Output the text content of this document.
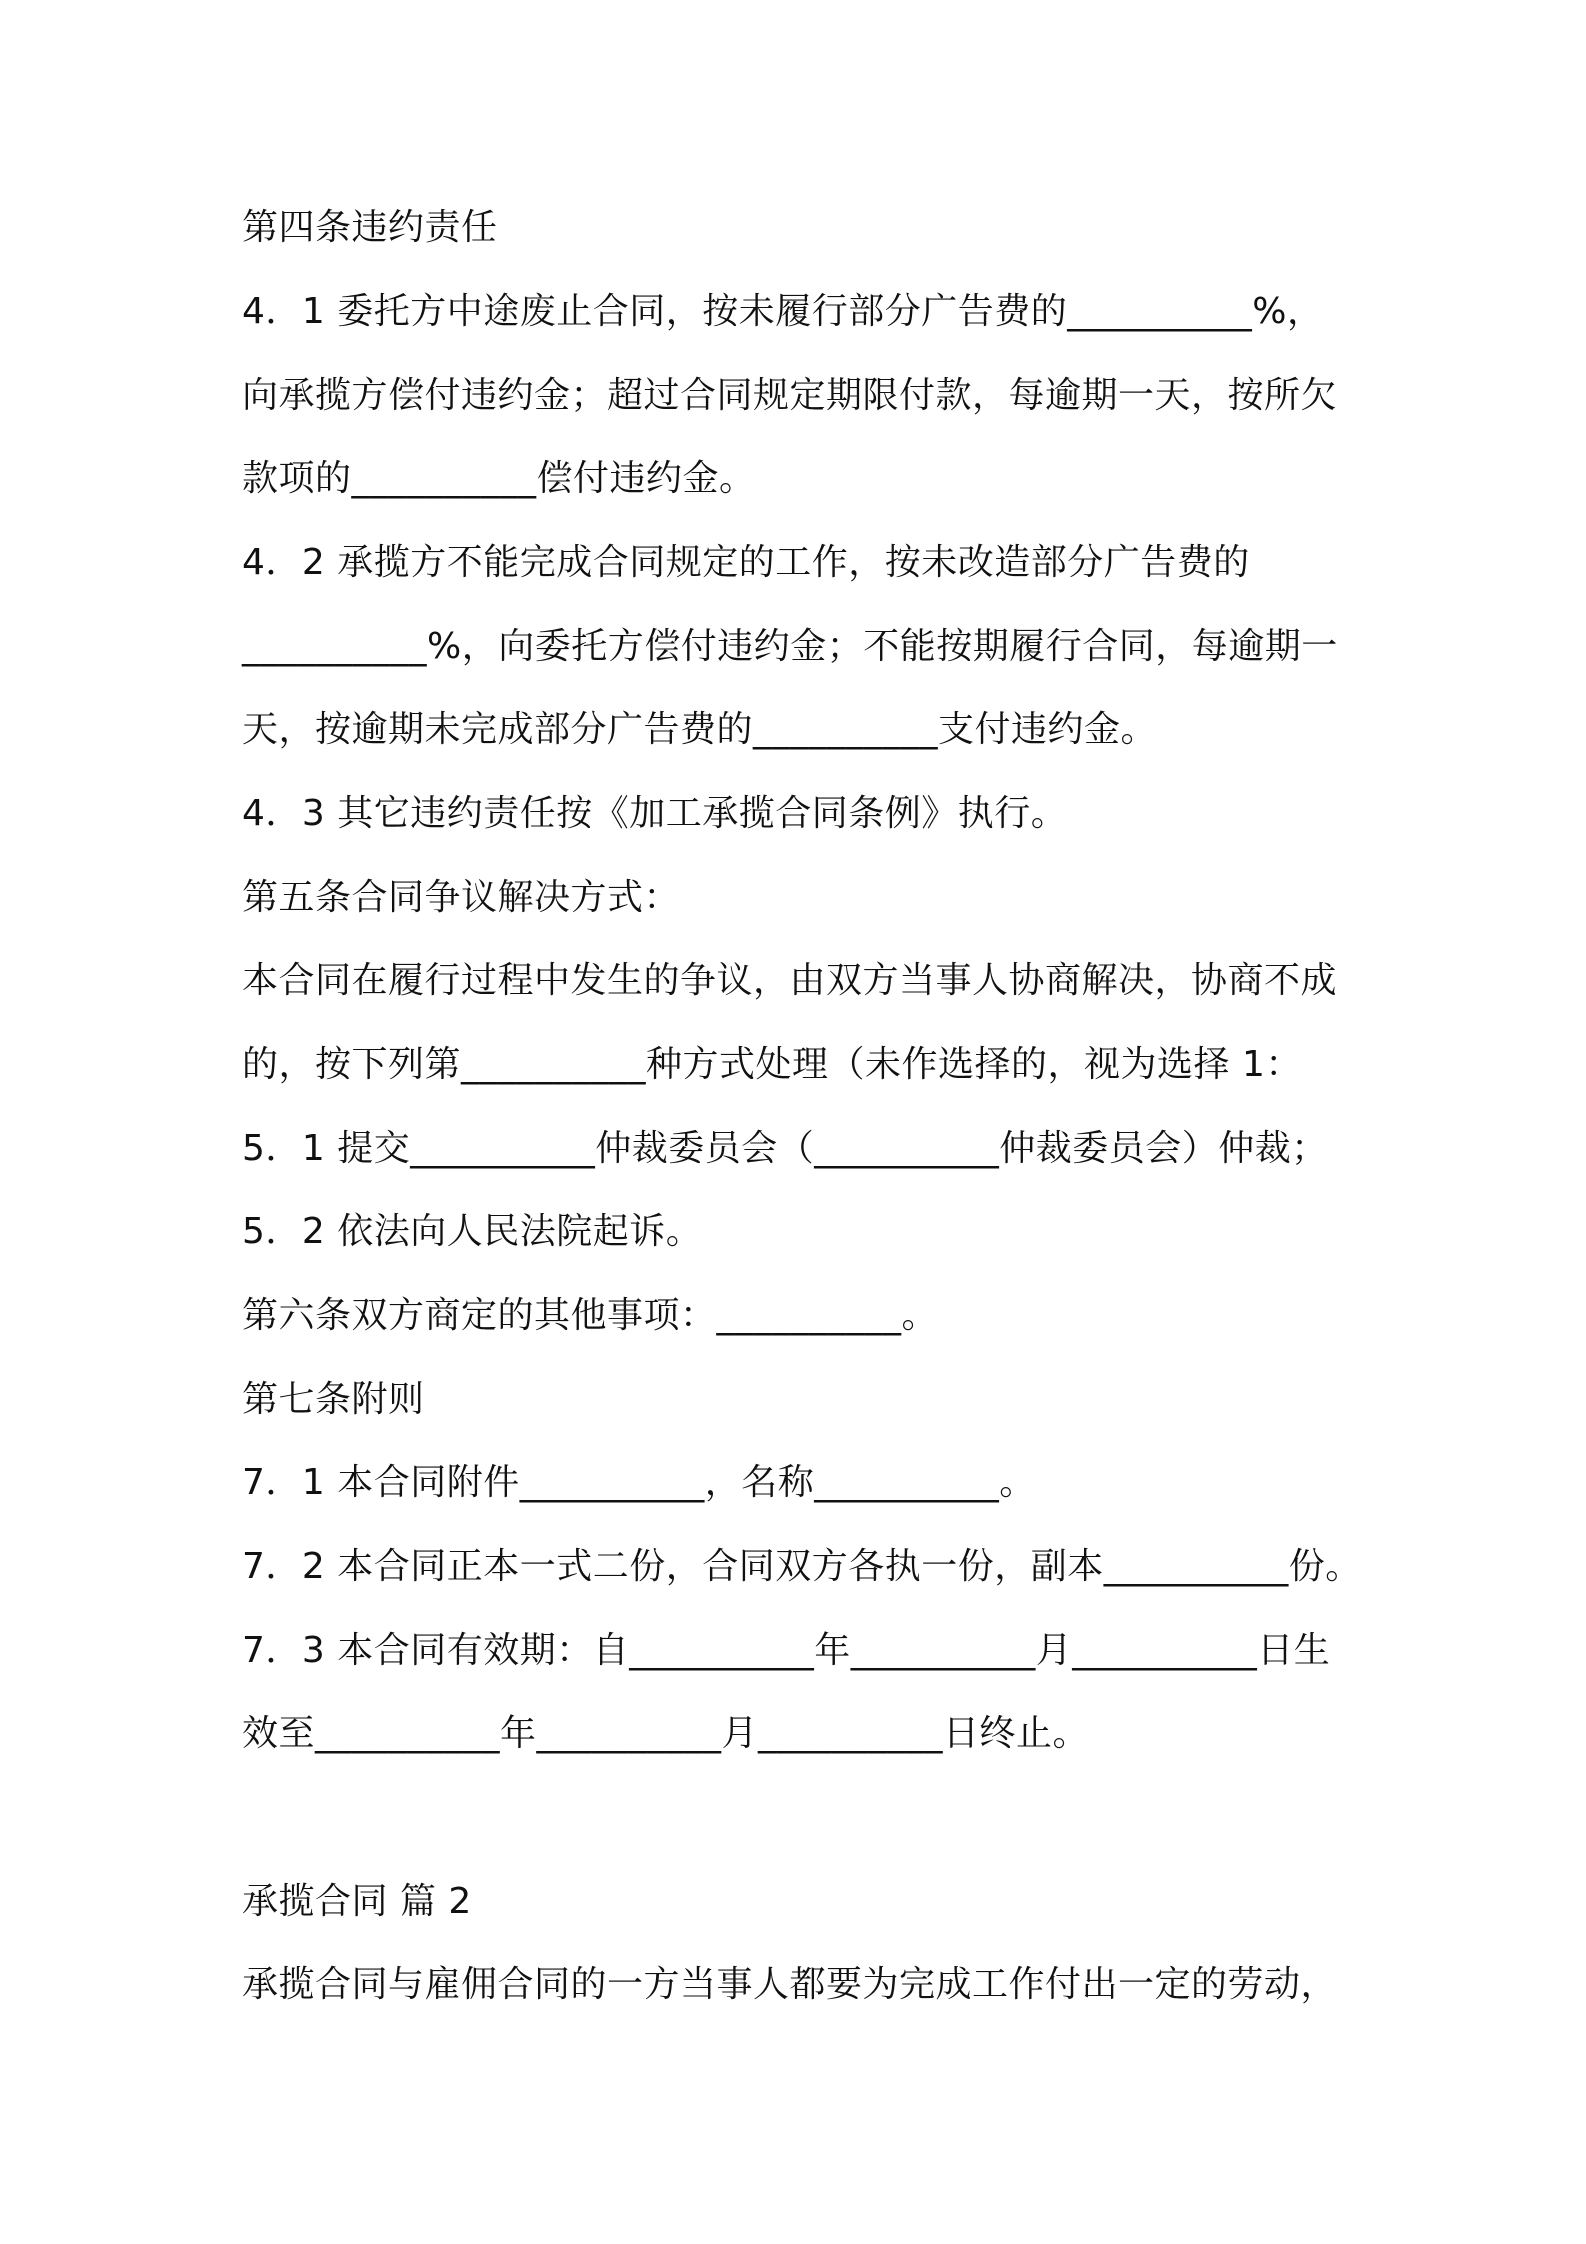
第四条违约责任
4．1 委托方中途废止合同，按未履行部分广告费的__________%，
向承揽方偿付违约金；超过合同规定期限付款，每逾期一天，按所欠
款项的__________偿付违约金。
4．2 承揽方不能完成合同规定的工作，按未改造部分广告费的
__________%，向委托方偿付违约金；不能按期履行合同，每逾期一
天，按逾期未完成部分广告费的__________支付违约金。
4．3 其它违约责任按《加工承揽合同条例》执行。
第五条合同争议解决方式：
本合同在履行过程中发生的争议，由双方当事人协商解决，协商不成
的，按下列第__________种方式处理（未作选择的，视为选择 1：
5．1 提交__________仲裁委员会（__________仲裁委员会）仲裁；
5．2 依法向人民法院起诉。
第六条双方商定的其他事项：__________。
第七条附则
7．1 本合同附件__________，名称__________。
7．2 本合同正本一式二份，合同双方各执一份，副本__________份。
7．3 本合同有效期：自__________年__________月__________日生
效至__________年__________月__________日终止。
承揽合同 篇 2
承揽合同与雇佣合同的一方当事人都要为完成工作付出一定的劳动，
